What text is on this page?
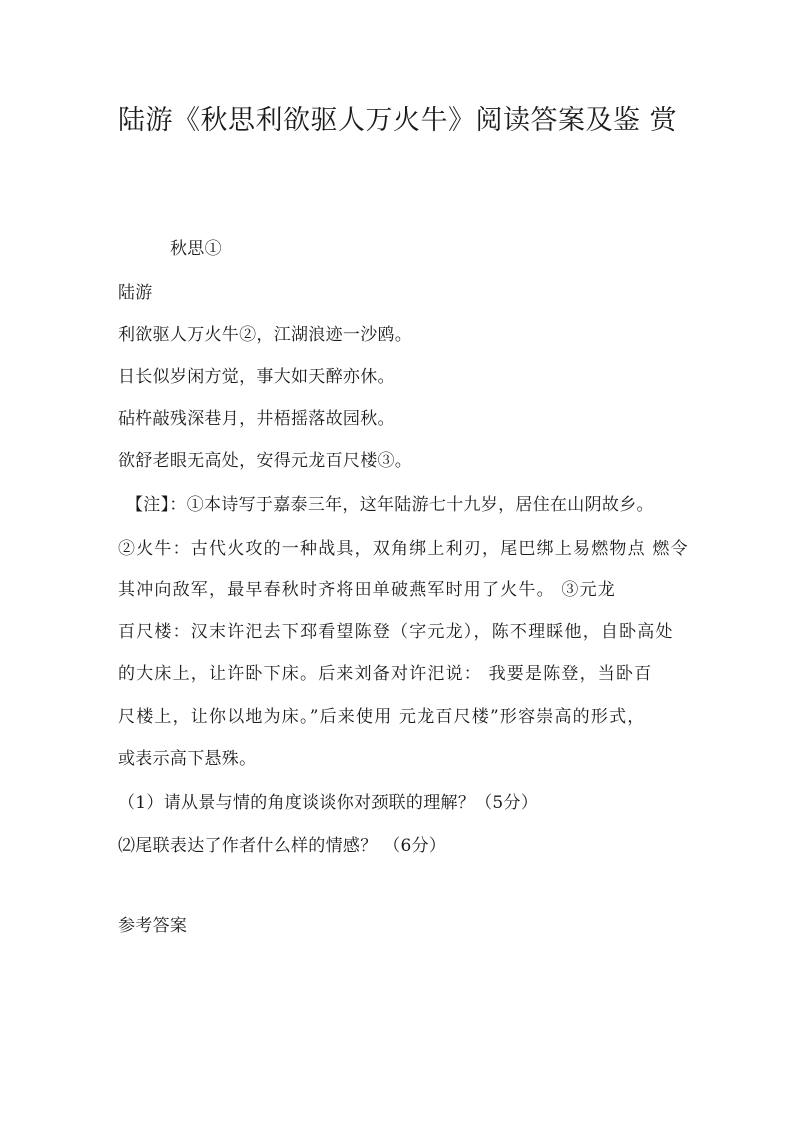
陆游《秋思利欲驱人万火牛》阅读答案及鉴 赏
秋思①
陆游
利欲驱人万火牛②，江湖浪迹一沙鸥。
日长似岁闲方觉，事大如天醉亦休。
砧杵敲残深巷月，井梧摇落故园秋。
欲舒老眼无高处，安得元龙百尺楼③。
【注】：①本诗写于嘉泰三年，这年陆游七十九岁，居住在山阴故乡。
②火牛：古代火攻的一种战具，双角绑上利刃，尾巴绑上易燃物点 燃令
其冲向敌军，最早春秋时齐将田单破燕军时用了火牛。 ③元龙
百尺楼：汉末许汜去下邳看望陈登（字元龙），陈不理睬他，自卧高处
的大床上，让许卧下床。后来刘备对许汜说： 我要是陈登，当卧百
尺楼上，让你以地为床。”后来使用 元龙百尺楼”形容崇高的形式，
或表示高下悬殊。
（1）请从景与情的角度谈谈你对颈联的理解？（5分）
⑵尾联表达了作者什么样的情感？ （6分）
参考答案
